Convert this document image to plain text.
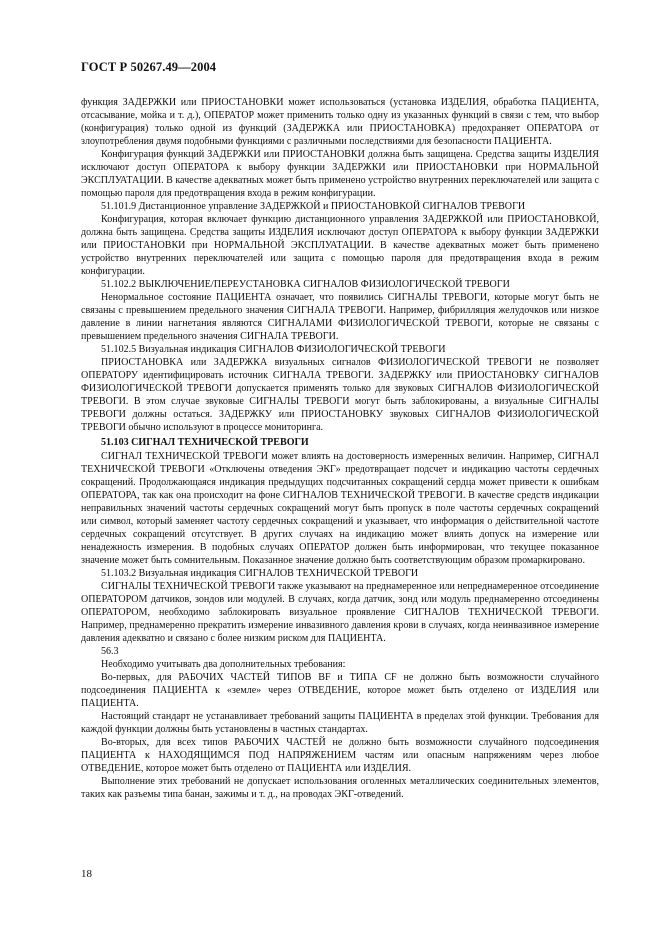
ГОСТ Р 50267.49—2004

функция ЗАДЕРЖКИ или ПРИОСТАНОВКИ может использоваться (установка ИЗДЕЛИЯ, обработка ПАЦИЕНТА, отсасывание, мойка и т. д.), ОПЕРАТОР может применить только одну из указанных функций в связи с тем, что выбор (конфигурация) только одной из функций (ЗАДЕРЖКА или ПРИОСТАНОВКА) предохраняет ОПЕРАТОРА от злоупотребления двумя подобными функциями с различными последствиями для безопасности ПАЦИЕНТА.

Конфигурация функций ЗАДЕРЖКИ или ПРИОСТАНОВКИ должна быть защищена. Средства защиты ИЗДЕЛИЯ исключают доступ ОПЕРАТОРА к выбору функции ЗАДЕРЖКИ или ПРИОСТАНОВКИ при НОРМАЛЬНОЙ ЭКСПЛУАТАЦИИ. В качестве адекватных может быть применено устройство внутренних переключателей или защита с помощью пароля для предотвращения входа в режим конфигурации.

51.101.9 Дистанционное управление ЗАДЕРЖКОЙ и ПРИОСТАНОВКОЙ СИГНАЛОВ ТРЕВОГИ

Конфигурация, которая включает функцию дистанционного управления ЗАДЕРЖКОЙ или ПРИОСТАНОВКОЙ, должна быть защищена. Средства защиты ИЗДЕЛИЯ исключают доступ ОПЕРАТОРА к выбору функции ЗАДЕРЖКИ или ПРИОСТАНОВКИ при НОРМАЛЬНОЙ ЭКСПЛУАТАЦИИ. В качестве адекватных может быть применено устройство внутренних переключателей или защита с помощью пароля для предотвращения входа в режим конфигурации.

51.102.2 ВЫКЛЮЧЕНИЕ/ПЕРЕУСТАНОВКА СИГНАЛОВ ФИЗИОЛОГИЧЕСКОЙ ТРЕВОГИ

Ненормальное состояние ПАЦИЕНТА означает, что появились СИГНАЛЫ ТРЕВОГИ, которые могут быть не связаны с превышением предельного значения СИГНАЛА ТРЕВОГИ. Например, фибрилляция желудочков или низкое давление в линии нагнетания являются СИГНАЛАМИ ФИЗИОЛОГИЧЕСКОЙ ТРЕВОГИ, которые не связаны с превышением предельного значения СИГНАЛА ТРЕВОГИ.

51.102.5 Визуальная индикация СИГНАЛОВ ФИЗИОЛОГИЧЕСКОЙ ТРЕВОГИ

ПРИОСТАНОВКА или ЗАДЕРЖКА визуальных сигналов ФИЗИОЛОГИЧЕСКОЙ ТРЕВОГИ не позволяет ОПЕРАТОРУ идентифицировать источник СИГНАЛА ТРЕВОГИ. ЗАДЕРЖКУ или ПРИОСТАНОВКУ СИГНАЛОВ ФИЗИОЛОГИЧЕСКОЙ ТРЕВОГИ допускается применять только для звуковых СИГНАЛОВ ФИЗИОЛОГИЧЕСКОЙ ТРЕВОГИ. В этом случае звуковые СИГНАЛЫ ТРЕВОГИ могут быть заблокированы, а визуальные СИГНАЛЫ ТРЕВОГИ должны остаться. ЗАДЕРЖКУ или ПРИОСТАНОВКУ звуковых СИГНАЛОВ ФИЗИОЛОГИЧЕСКОЙ ТРЕВОГИ обычно используют в процессе мониторинга.

51.103 СИГНАЛ ТЕХНИЧЕСКОЙ ТРЕВОГИ

СИГНАЛ ТЕХНИЧЕСКОЙ ТРЕВОГИ может влиять на достоверность измеренных величин. Например, СИГНАЛ ТЕХНИЧЕСКОЙ ТРЕВОГИ «Отключены отведения ЭКГ» предотвращает подсчет и индикацию частоты сердечных сокращений. Продолжающаяся индикация предыдущих подсчитанных сокращений сердца может привести к ошибкам ОПЕРАТОРА, так как она происходит на фоне СИГНАЛОВ ТЕХНИЧЕСКОЙ ТРЕВОГИ. В качестве средств индикации неправильных значений частоты сердечных сокращений могут быть пропуск в поле частоты сердечных сокращений или символ, который заменяет частоту сердечных сокращений и указывает, что информация о действительной частоте сердечных сокращений отсутствует. В других случаях на индикацию может влиять допуск на измерение или ненадежность измерения. В подобных случаях ОПЕРАТОР должен быть информирован, что текущее показанное значение может быть сомнительным. Показанное значение должно быть соответствующим образом промаркировано.

51.103.2 Визуальная индикация СИГНАЛОВ ТЕХНИЧЕСКОЙ ТРЕВОГИ

СИГНАЛЫ ТЕХНИЧЕСКОЙ ТРЕВОГИ также указывают на преднамеренное или непреднамеренное отсоединение ОПЕРАТОРОМ датчиков, зондов или модулей. В случаях, когда датчик, зонд или модуль преднамеренно отсоединены ОПЕРАТОРОМ, необходимо заблокировать визуальное проявление СИГНАЛОВ ТЕХНИЧЕСКОЙ ТРЕВОГИ. Например, преднамеренно прекратить измерение инвазивного давления крови в случаях, когда неинвазивное измерение давления адекватно и связано с более низким риском для ПАЦИЕНТА.

56.3

Необходимо учитывать два дополнительных требования:

Во-первых, для РАБОЧИХ ЧАСТЕЙ ТИПОВ BF и ТИПА CF не должно быть возможности случайного подсоединения ПАЦИЕНТА к «земле» через ОТВЕДЕНИЕ, которое может быть отделено от ИЗДЕЛИЯ или ПАЦИЕНТА.

Настоящий стандарт не устанавливает требований защиты ПАЦИЕНТА в пределах этой функции. Требования для каждой функции должны быть установлены в частных стандартах.

Во-вторых, для всех типов РАБОЧИХ ЧАСТЕЙ не должно быть возможности случайного подсоединения ПАЦИЕНТА к НАХОДЯЩИМСЯ ПОД НАПРЯЖЕНИЕМ частям или опасным напряжениям через любое ОТВЕДЕНИЕ, которое может быть отделено от ПАЦИЕНТА или ИЗДЕЛИЯ.

Выполнение этих требований не допускает использования оголенных металлических соединительных элементов, таких как разъемы типа банан, зажимы и т. д., на проводах ЭКГ-отведений.

18
